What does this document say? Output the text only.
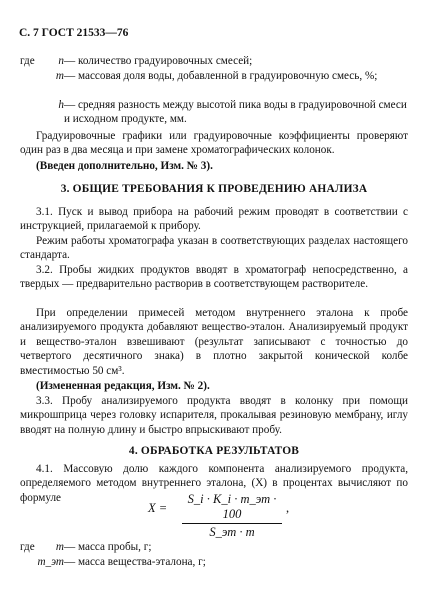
С. 7 ГОСТ 21533—76
где	n — количество градуировочных смесей;
m — массовая доля воды, добавленной в градуировочную смесь, %;
h — средняя разность между высотой пика воды в градуировочной смеси и исходном продукте, мм.
Градуировочные графики или градуировочные коэффициенты проверяют один раз в два месяца и при замене хроматографических колонок.
(Введен дополнительно, Изм. № 3).
3. ОБЩИЕ ТРЕБОВАНИЯ К ПРОВЕДЕНИЮ АНАЛИЗА
3.1. Пуск и вывод прибора на рабочий режим проводят в соответствии с инструкцией, прилагаемой к прибору.
Режим работы хроматографа указан в соответствующих разделах настоящего стандарта.
3.2. Пробы жидких продуктов вводят в хроматограф непосредственно, а твердых — предварительно растворив в соответствующем растворителе.
При определении примесей методом внутреннего эталона к пробе анализируемого продукта добавляют вещество-эталон. Анализируемый продукт и вещество-эталон взвешивают (результат записывают с точностью до четвертого десятичного знака) в плотно закрытой конической колбе вместимостью 50 см³.
(Измененная редакция, Изм. № 2).
3.3. Пробу анализируемого продукта вводят в колонку при помощи микрошприца через головку испарителя, прокалывая резиновую мембрану, иглу вводят на полную длину и быстро впрыскивают пробу.
4. ОБРАБОТКА РЕЗУЛЬТАТОВ
4.1. Массовую долю каждого компонента анализируемого продукта, определяемого методом внутреннего эталона, (X) в процентах вычисляют по формуле
X =
S_i · K_i · m_эт · 100
S_эт · m
,
где	m — масса пробы, г;
m_эт — масса вещества-эталона, г;
